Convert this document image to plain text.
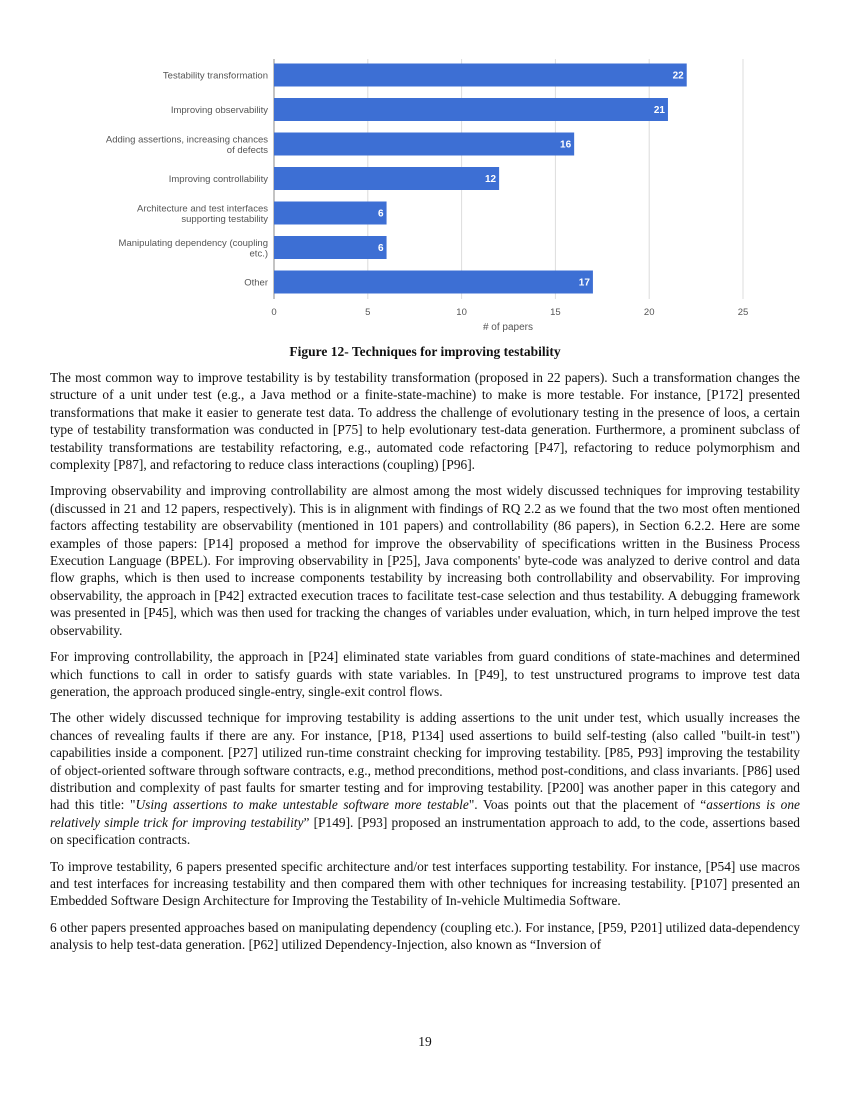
0	5	10	15	20	25
22
Testability transformation
21
Improving observability
16
Adding assertions, increasing chances of defects
12
Improving controllability
6
Architecture and test interfaces supporting testability
6
Manipulating dependency (coupling etc.)
17
Other
# of papers
Figure 12- Techniques for improving testability

The most common way to improve testability is by testability transformation (proposed in 22 papers). Such a transformation changes the structure of a unit under test (e.g., a Java method or a finite-state-machine) to make is more testable. For instance, [P172] presented transformations that make it easier to generate test data. To address the challenge of evolutionary testing in the presence of loos, a certain type of testability transformation was conducted in [P75] to help evolutionary test-data generation. Furthermore, a prominent subclass of testability transformations are testability refactoring, e.g., automated code refactoring [P47], refactoring to reduce polymorphism and complexity [P87], and refactoring to reduce class interactions (coupling) [P96].

Improving observability and improving controllability are almost among the most widely discussed techniques for improving testability (discussed in 21 and 12 papers, respectively). This is in alignment with findings of RQ 2.2 as we found that the two most often mentioned factors affecting testability are observability (mentioned in 101 papers) and controllability (86 papers), in Section 6.2.2. Here are some examples of those papers: [P14] proposed a method for improve the observability of specifications written in the Business Process Execution Language (BPEL). For improving observability in [P25], Java components' byte-code was analyzed to derive control and data flow graphs, which is then used to increase components testability by increasing both controllability and observability. For improving observability, the approach in [P42] extracted execution traces to facilitate test-case selection and thus testability. A debugging framework was presented in [P45], which was then used for tracking the changes of variables under evaluation, which, in turn helped improve the test observability.

For improving controllability, the approach in [P24] eliminated state variables from guard conditions of state-machines and determined which functions to call in order to satisfy guards with state variables. In [P49], to test unstructured programs to improve test data generation, the approach produced single-entry, single-exit control flows.

The other widely discussed technique for improving testability is adding assertions to the unit under test, which usually increases the chances of revealing faults if there are any. For instance, [P18, P134] used assertions to build self-testing (also called "built-in test") capabilities inside a component. [P27] utilized run-time constraint checking for improving testability. [P85, P93] improving the testability of object-oriented software through software contracts, e.g., method preconditions, method post-conditions, and class invariants. [P86] used distribution and complexity of past faults for smarter testing and for improving testability. [P200] was another paper in this category and had this title: "Using assertions to make untestable software more testable". Voas points out that the placement of “assertions is one relatively simple trick for improving testability” [P149]. [P93] proposed an instrumentation approach to add, to the code, assertions based on specification contracts.

To improve testability, 6 papers presented specific architecture and/or test interfaces supporting testability. For instance, [P54] use macros and test interfaces for increasing testability and then compared them with other techniques for increasing testability. [P107] presented an Embedded Software Design Architecture for Improving the Testability of In-vehicle Multimedia Software.

6 other papers presented approaches based on manipulating dependency (coupling etc.). For instance, [P59, P201] utilized data-dependency analysis to help test-data generation. [P62] utilized Dependency-Injection, also known as “Inversion of

19
